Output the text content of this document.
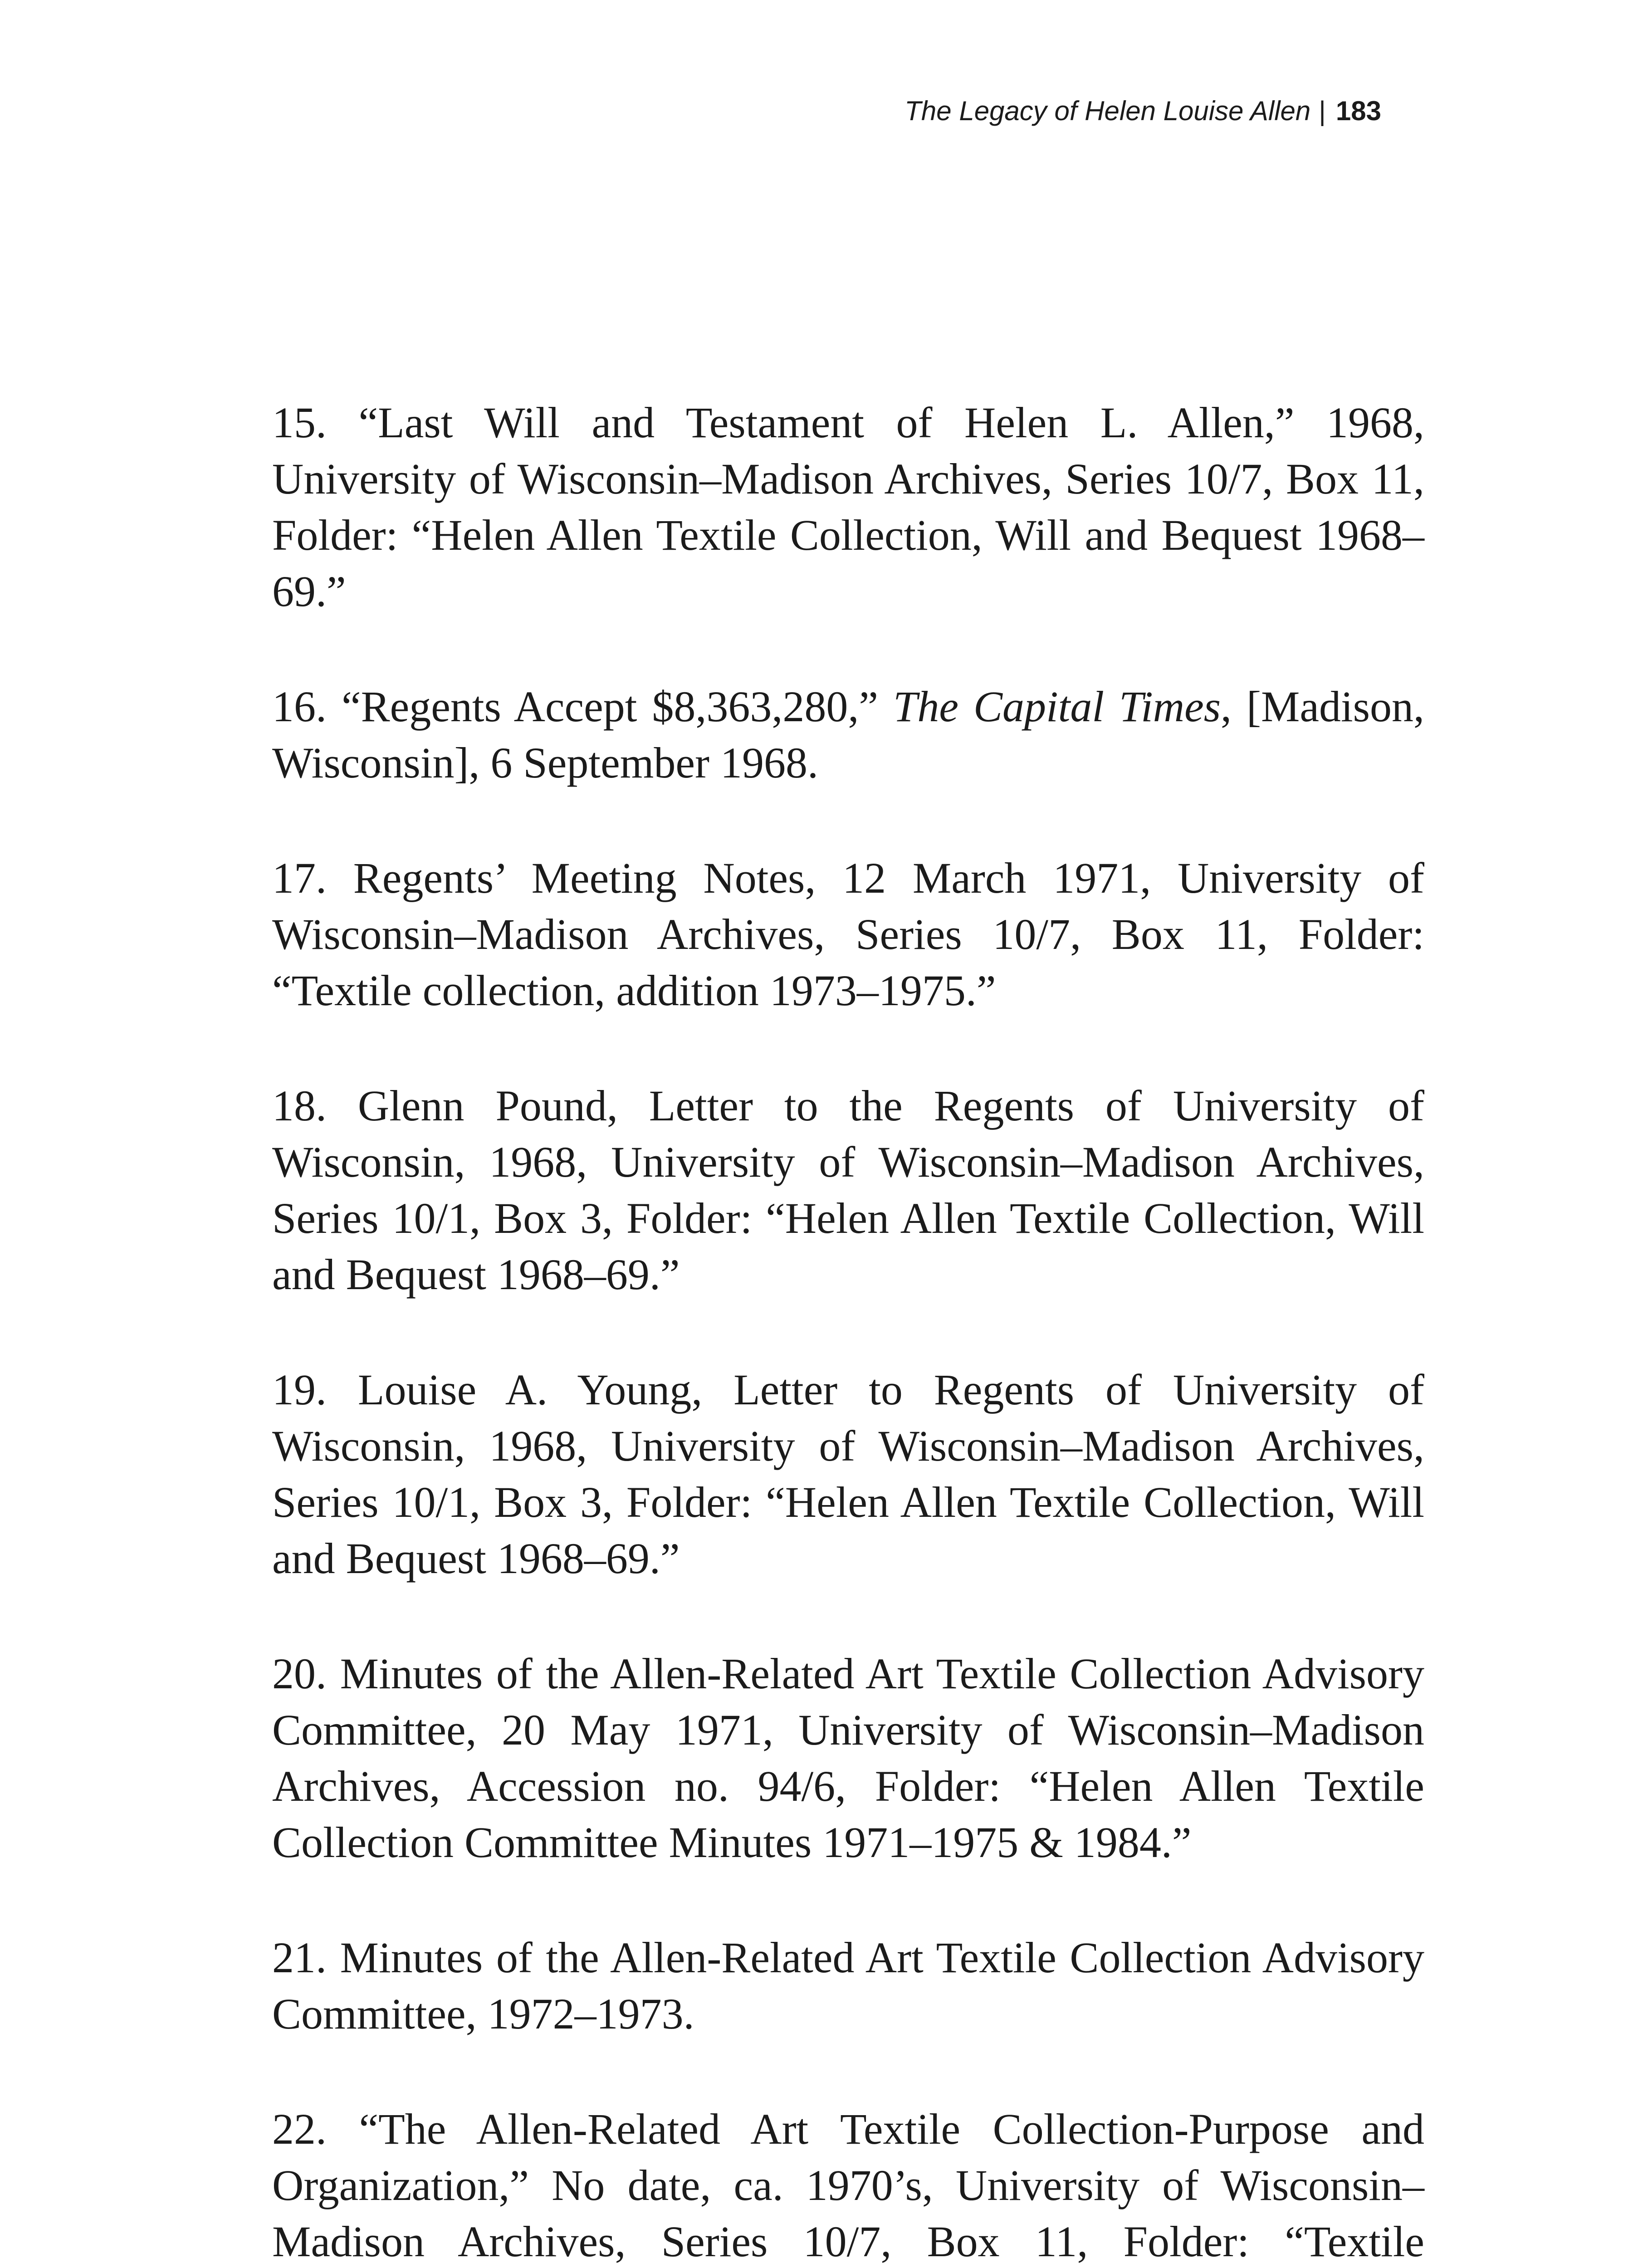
The Legacy of Helen Louise Allen | 183

15. “Last Will and Testament of Helen L. Allen,” 1968, University of Wisconsin–Madison Archives, Series 10/7, Box 11, Folder: “Helen Allen Textile Collection, Will and Bequest 1968–69.”

16. “Regents Accept $8,363,280,” The Capital Times, [Madison, Wisconsin], 6 September 1968.

17. Regents’ Meeting Notes, 12 March 1971, University of Wisconsin–Madison Archives, Series 10/7, Box 11, Folder: “Textile collection, addition 1973–1975.”

18. Glenn Pound, Letter to the Regents of University of Wisconsin, 1968, University of Wisconsin–Madison Archives, Series 10/1, Box 3, Folder: “Helen Allen Textile Collection, Will and Bequest 1968–69.”

19. Louise A. Young, Letter to Regents of University of Wisconsin, 1968, University of Wisconsin–Madison Archives, Series 10/1, Box 3, Folder: “Helen Allen Textile Collection, Will and Bequest 1968–69.”

20. Minutes of the Allen-Related Art Textile Collection Advisory Committee, 20 May 1971, University of Wisconsin–Madison Archives, Accession no. 94/6, Folder: “Helen Allen Textile Collection Committee Minutes 1971–1975 & 1984.”

21. Minutes of the Allen-Related Art Textile Collection Advisory Committee, 1972–1973.

22. “The Allen-Related Art Textile Collection-Purpose and Organization,” No date, ca. 1970’s, University of Wisconsin–Madison Archives, Series 10/7, Box 11, Folder: “Textile
